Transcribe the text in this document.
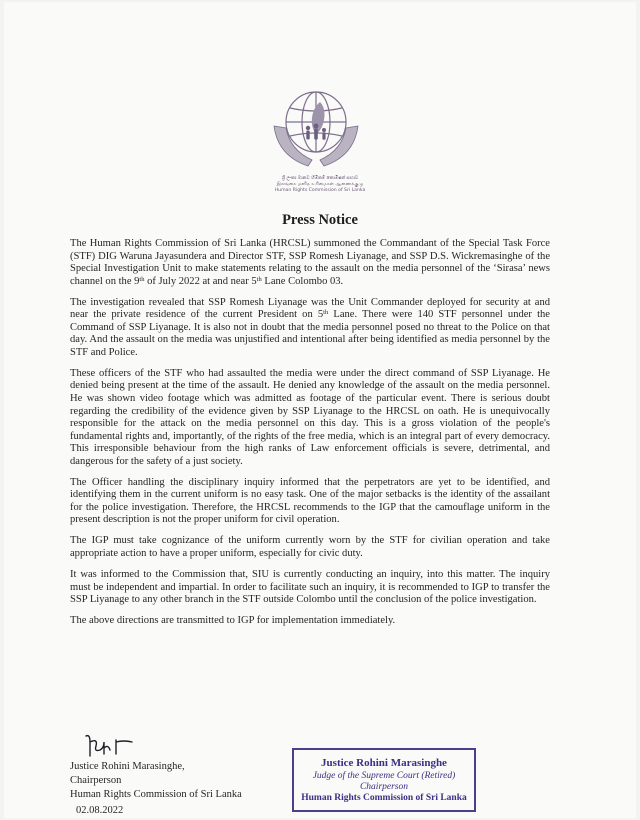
ශ්‍රී ලංකා මානව හිමිකම් කොමිෂන් සභාව
இலங்கை மனித உரிமைகள் ஆணைக்குழு
Human Rights Commission of Sri Lanka
Press Notice

The Human Rights Commission of Sri Lanka (HRCSL) summoned the Commandant of the Special Task Force (STF) DIG Waruna Jayasundera and Director STF, SSP Romesh Liyanage, and SSP D.S. Wickremasinghe of the Special Investigation Unit to make statements relating to the assault on the media personnel of the ‘Sirasa’ news channel on the 9th of July 2022 at and near 5th Lane Colombo 03.

The investigation revealed that SSP Romesh Liyanage was the Unit Commander deployed for security at and near the private residence of the current President on 5th Lane. There were 140 STF personnel under the Command of SSP Liyanage. It is also not in doubt that the media personnel posed no threat to the Police on that day. And the assault on the media was unjustified and intentional after being identified as media personnel by the STF and Police.

These officers of the STF who had assaulted the media were under the direct command of SSP Liyanage. He denied being present at the time of the assault. He denied any knowledge of the assault on the media personnel. He was shown video footage which was admitted as footage of the particular event. There is serious doubt regarding the credibility of the evidence given by SSP Liyanage to the HRCSL on oath. He is unequivocally responsible for the attack on the media personnel on this day. This is a gross violation of the people's fundamental rights and, importantly, of the rights of the free media, which is an integral part of every democracy. This irresponsible behaviour from the high ranks of Law enforcement officials is severe, detrimental, and dangerous for the safety of a just society.

The Officer handling the disciplinary inquiry informed that the perpetrators are yet to be identified, and identifying them in the current uniform is no easy task. One of the major setbacks is the identity of the assailant for the police investigation. Therefore, the HRCSL recommends to the IGP that the camouflage uniform in the present description is not the proper uniform for civil operation.

The IGP must take cognizance of the uniform currently worn by the STF for civilian operation and take appropriate action to have a proper uniform, especially for civic duty.

It was informed to the Commission that, SIU is currently conducting an inquiry, into this matter. The inquiry must be independent and impartial. In order to facilitate such an inquiry, it is recommended to IGP to transfer the SSP Liyanage to any other branch in the STF outside Colombo until the conclusion of the police investigation.

The above directions are transmitted to IGP for implementation immediately.

Justice Rohini Marasinghe,
Chairperson
Human Rights Commission of Sri Lanka
02.08.2022
Justice Rohini Marasinghe
Judge of the Supreme Court (Retired)
Chairperson
Human Rights Commission of Sri Lanka
